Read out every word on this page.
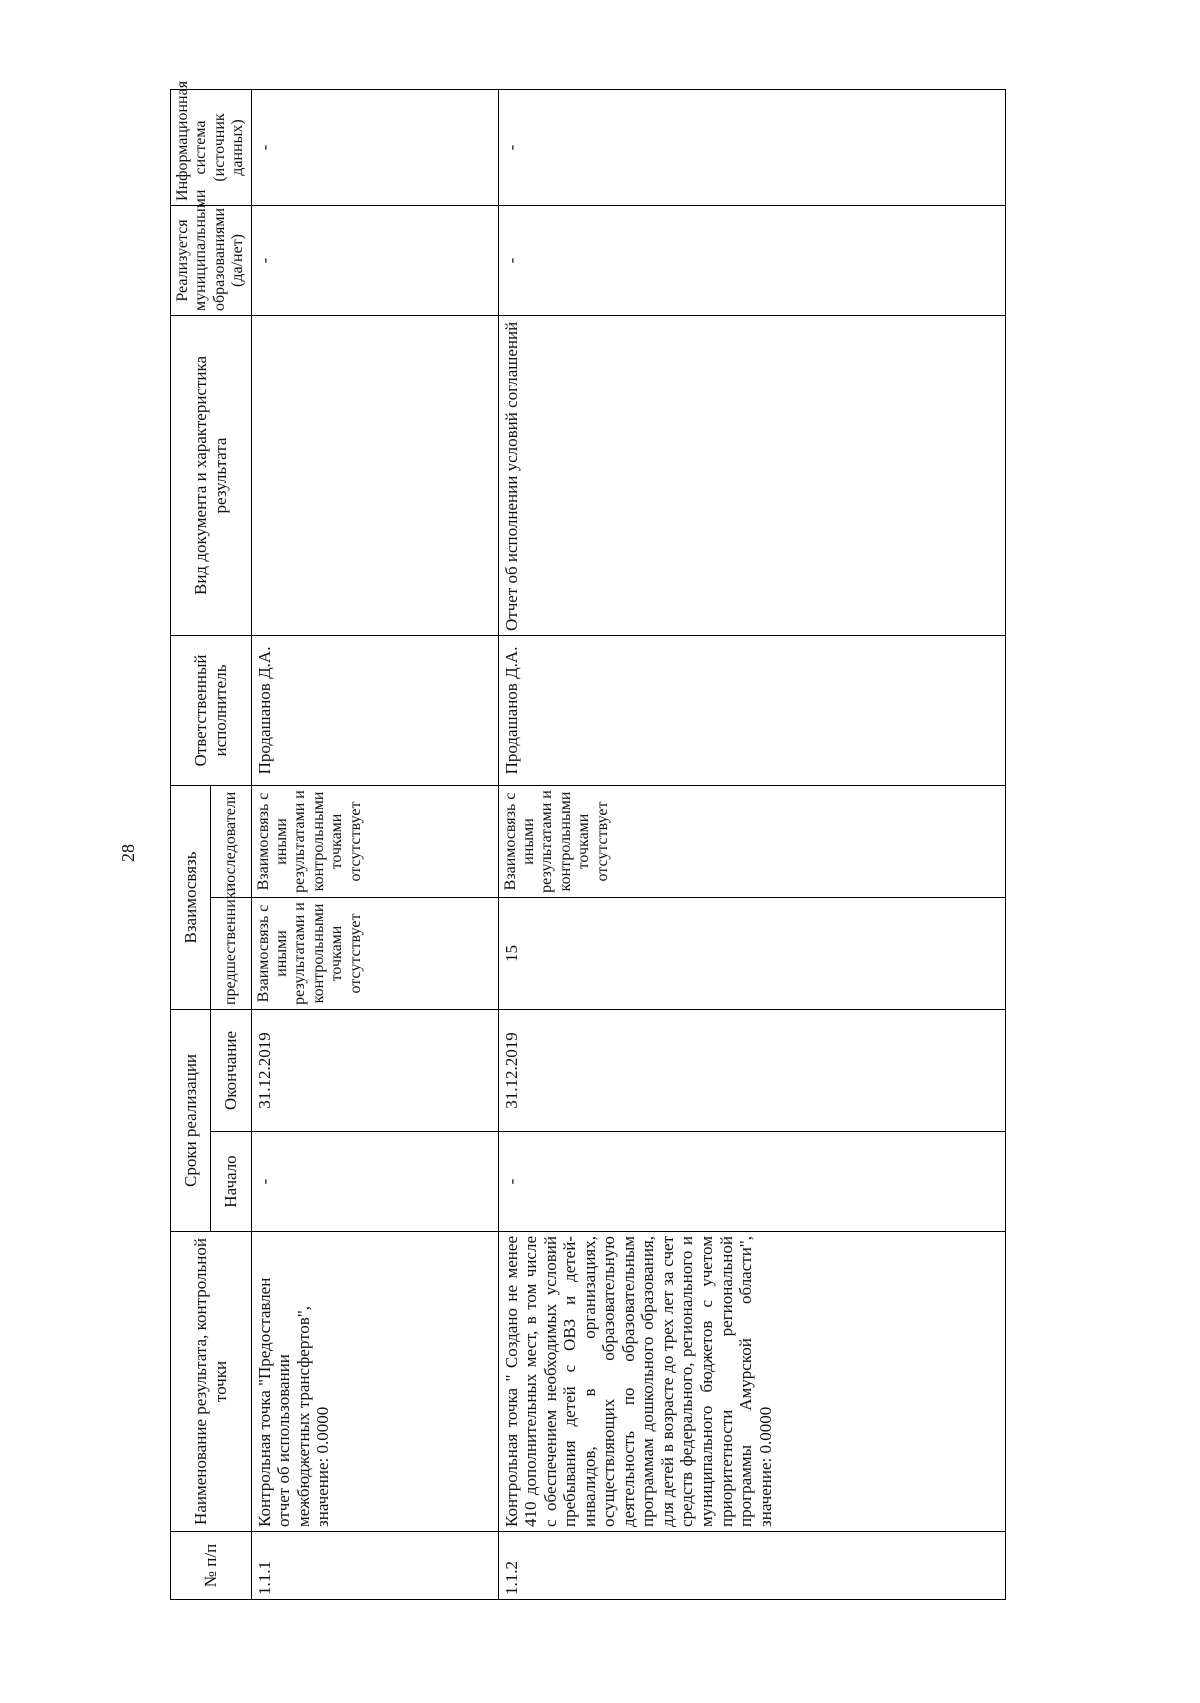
28
№ п/п	Наименование результата, контрольной точки	Сроки реализации		Взаимосвязь		Ответственный исполнитель	Вид документа и характеристика результата	Реализуется муниципальными образованиями (да/нет)	Информационная система (источник данных)
		Начало	Окончание	предшественники	последователи				
1.1.1	Контрольная точка "Предоставлен отчет об использовании межбюджетных трансфертов", значение: 0.0000	-	31.12.2019	Взаимосвязь с иными результатами и контрольными точками отсутствует	Взаимосвязь с иными результатами и контрольными точками отсутствует	Продашанов Д.А.		-	-
1.1.2	Контрольная точка " Создано не менее 410 дополнительных мест, в том числе с обеспечением необходимых условий пребывания детей с ОВЗ и детей-инвалидов, в организациях, осуществляющих образовательную деятельность по образовательным программам дошкольного образования, для детей в возрасте до трех лет за счет средств федерального, регионального и муниципального бюджетов с учетом приоритетности региональной программы Амурской области", значение: 0.0000	-	31.12.2019	15	Взаимосвязь с иными результатами и контрольными точками отсутствует	Продашанов Д.А.	Отчет об исполнении условий соглашений	-	-
